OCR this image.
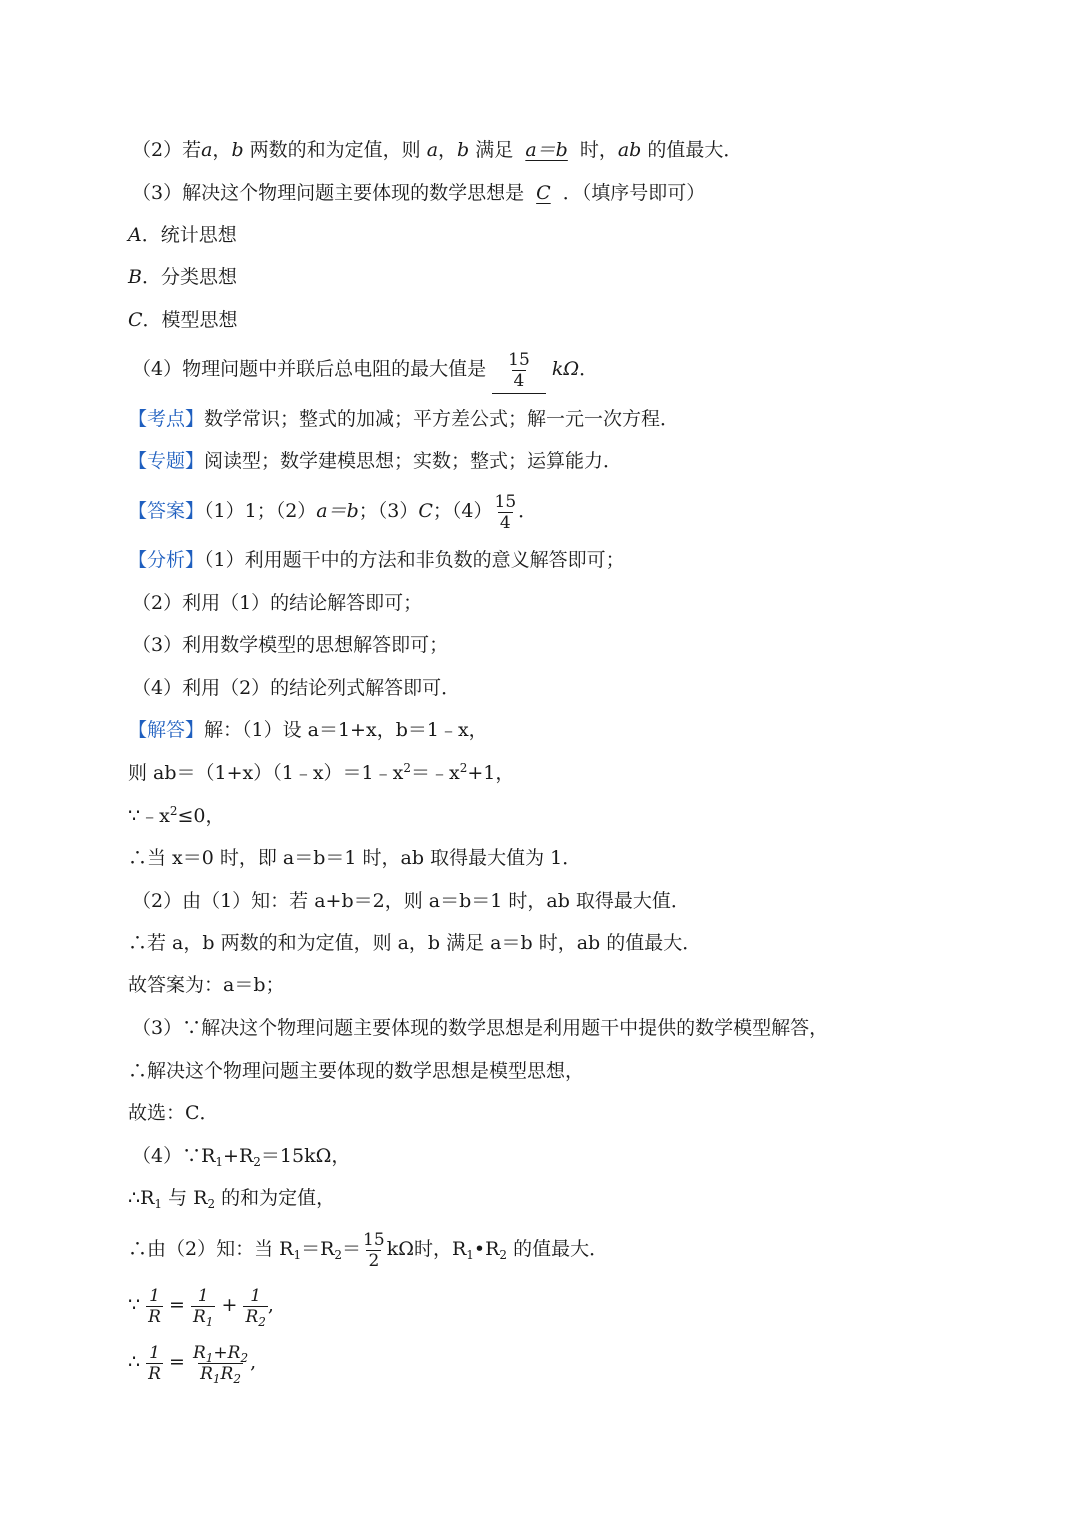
（2）若a，b 两数的和为定值，则 a，b 满足 a＝b 时，ab 的值最大．
（3）解决这个物理问题主要体现的数学思想是 C ．（填序号即可）
A．统计思想
B．分类思想
C．模型思想
（4）物理问题中并联后总电阻的最大值是 $\frac{15}{4}$ kΩ．
【考点】数学常识；整式的加减；平方差公式；解一元一次方程．
【专题】阅读型；数学建模思想；实数；整式；运算能力．
【答案】（1）1；（2）a＝b；（3）C；$(4) \frac{15}{4}$ ．
【分析】（1）利用题干中的方法和非负数的意义解答即可；
（2）利用（1）的结论解答即可；
（3）利用数学模型的思想解答即可；
（4）利用（2）的结论列式解答即可．
【解答】解：（1）设 a＝1+x，b＝1﹣x，
则 $ab=(1+x)(1﹣x)=1﹣x^2=﹣x^2+1$，
$\because﹣x^2\le 0$，
∴当 x＝0 时，即 a＝b＝1 时，ab 取得最大值为 1．
（2）由（1）知：若 a+b＝2，则 a＝b＝1 时，ab 取得最大值．
∴若 a，b 两数的和为定值，则 a，b 满足 a＝b 时，ab 的值最大．
故答案为：a＝b；
（3）∵解决这个物理问题主要体现的数学思想是利用题干中提供的数学模型解答，
∴解决这个物理问题主要体现的数学思想是模型思想，
故选：C．
$(4)\because R_1+R_2=15k\Omega$，
$\therefore R_1$ 与 $R_2$ 的和为定值，
∴由（2）知：当 $R_1=R_2= \frac{15}{2}$ kΩ时，$R_1•R_2$ 的值最大．
∵ $\frac{1}{R} = \frac{1}{R_1} + \frac{1}{R_2}$ ,
∴ $\frac{1}{R} = \frac{R_1+R_2}{R_1R_2}$ ,
